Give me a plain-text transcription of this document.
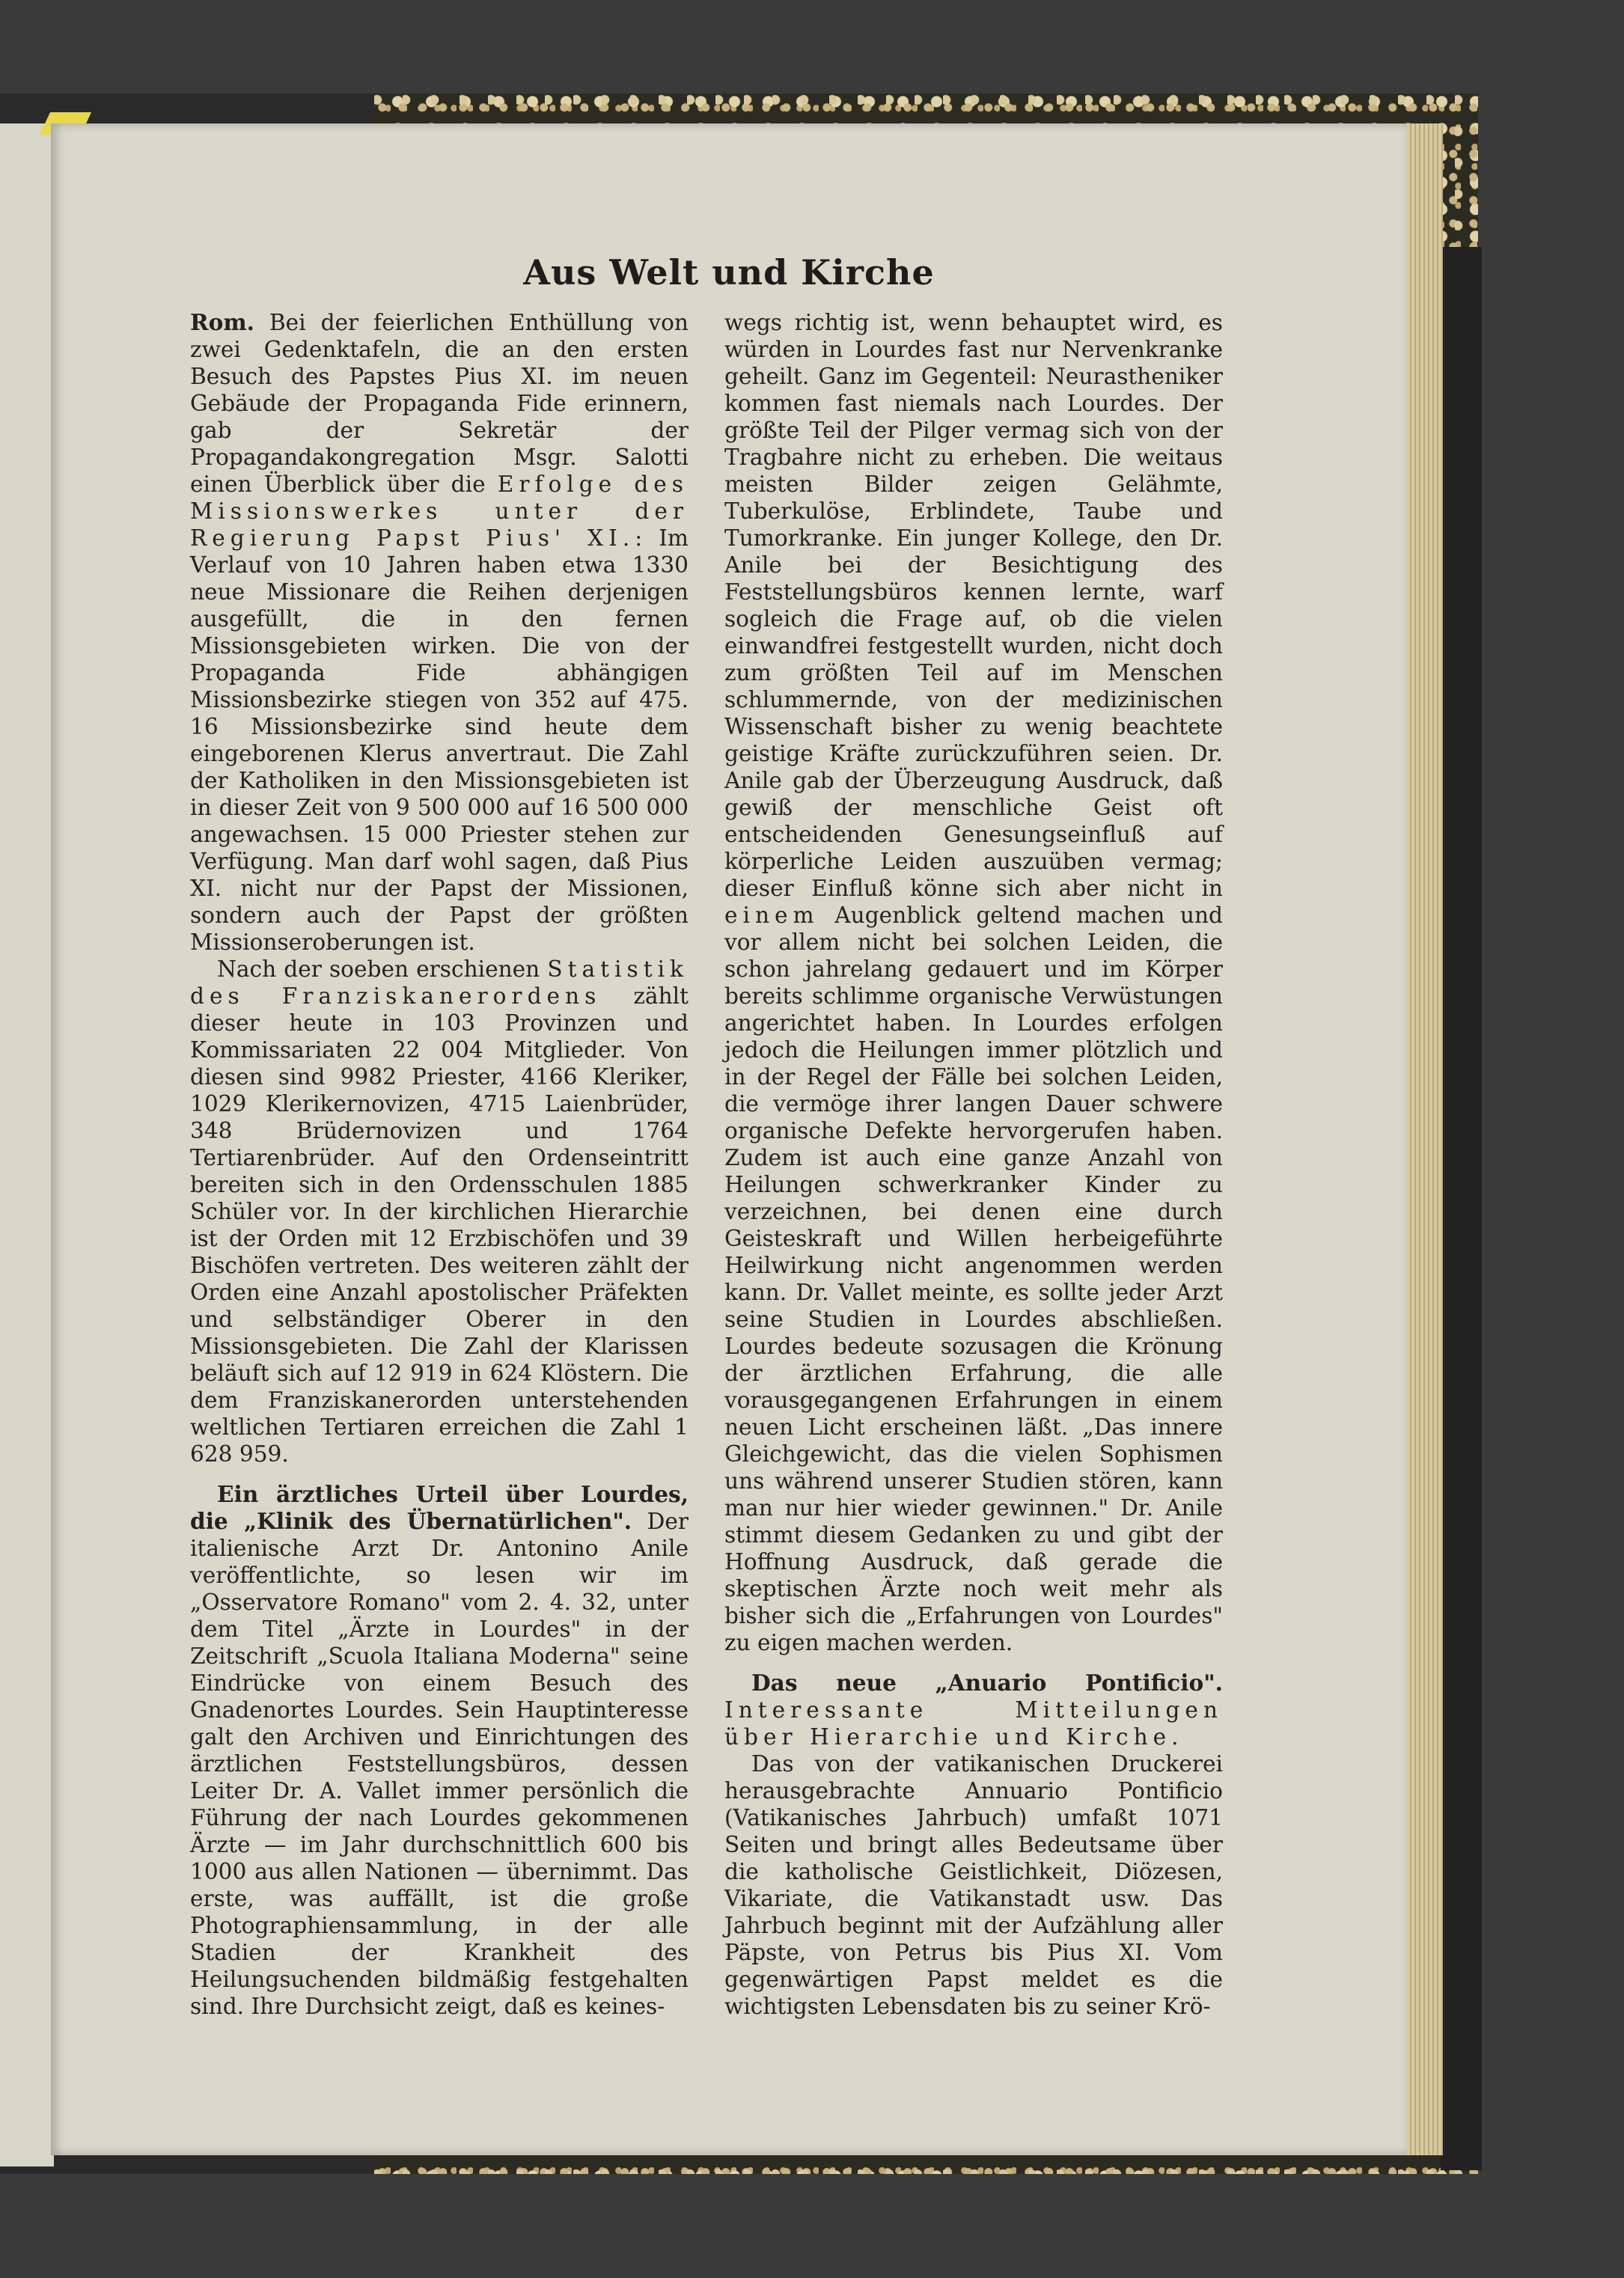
Aus Welt und Kirche

Rom. Bei der feierlichen Enthüllung von zwei Gedenktafeln, die an den ersten Besuch des Papstes Pius XI. im neuen Gebäude der Propaganda Fide erinnern, gab der Sekretär der Propagandakongregation Msgr. Salotti einen Überblick über die Erfolge des Missionswerkes unter der Regierung Papst Pius' XI.: Im Verlauf von 10 Jahren haben etwa 1330 neue Missionare die Reihen derjenigen ausgefüllt, die in den fernen Missionsgebieten wirken. Die von der Propaganda Fide abhängigen Missionsbezirke stiegen von 352 auf 475. 16 Missionsbezirke sind heute dem eingeborenen Klerus anvertraut. Die Zahl der Katholiken in den Missionsgebieten ist in dieser Zeit von 9 500 000 auf 16 500 000 angewachsen. 15 000 Priester stehen zur Verfügung. Man darf wohl sagen, daß Pius XI. nicht nur der Papst der Missionen, sondern auch der Papst der größten Missionseroberungen ist.

Nach der soeben erschienen Statistik des Franziskanerordens zählt dieser heute in 103 Provinzen und Kommissariaten 22 004 Mitglieder. Von diesen sind 9982 Priester, 4166 Kleriker, 1029 Klerikernovizen, 4715 Laienbrüder, 348 Brüdernovizen und 1764 Tertiarenbrüder. Auf den Ordenseintritt bereiten sich in den Ordensschulen 1885 Schüler vor. In der kirchlichen Hierarchie ist der Orden mit 12 Erzbischöfen und 39 Bischöfen vertreten. Des weiteren zählt der Orden eine Anzahl apostolischer Präfekten und selbständiger Oberer in den Missionsgebieten. Die Zahl der Klarissen beläuft sich auf 12 919 in 624 Klöstern. Die dem Franziskanerorden unterstehenden weltlichen Tertiaren erreichen die Zahl 1 628 959.

Ein ärztliches Urteil über Lourdes, die „Klinik des Übernatürlichen". Der italienische Arzt Dr. Antonino Anile veröffentlichte, so lesen wir im „Osservatore Romano" vom 2. 4. 32, unter dem Titel „Ärzte in Lourdes" in der Zeitschrift „Scuola Italiana Moderna" seine Eindrücke von einem Besuch des Gnadenortes Lourdes. Sein Hauptinteresse galt den Archiven und Einrichtungen des ärztlichen Feststellungsbüros, dessen Leiter Dr. A. Vallet immer persönlich die Führung der nach Lourdes gekommenen Ärzte — im Jahr durchschnittlich 600 bis 1000 aus allen Nationen — übernimmt. Das erste, was auffällt, ist die große Photographiensammlung, in der alle Stadien der Krankheit des Heilungsuchenden bildmäßig festgehalten sind. Ihre Durchsicht zeigt, daß es keines-

wegs richtig ist, wenn behauptet wird, es würden in Lourdes fast nur Nervenkranke geheilt. Ganz im Gegenteil: Neurastheniker kommen fast niemals nach Lourdes. Der größte Teil der Pilger vermag sich von der Tragbahre nicht zu erheben. Die weitaus meisten Bilder zeigen Gelähmte, Tuberkulöse, Erblindete, Taube und Tumorkranke. Ein junger Kollege, den Dr. Anile bei der Besichtigung des Feststellungsbüros kennen lernte, warf sogleich die Frage auf, ob die vielen einwandfrei festgestellt wurden, nicht doch zum größten Teil auf im Menschen schlummernde, von der medizinischen Wissenschaft bisher zu wenig beachtete geistige Kräfte zurückzuführen seien. Dr. Anile gab der Überzeugung Ausdruck, daß gewiß der menschliche Geist oft entscheidenden Genesungseinfluß auf körperliche Leiden auszuüben vermag; dieser Einfluß könne sich aber nicht in einem Augenblick geltend machen und vor allem nicht bei solchen Leiden, die schon jahrelang gedauert und im Körper bereits schlimme organische Verwüstungen angerichtet haben. In Lourdes erfolgen jedoch die Heilungen immer plötzlich und in der Regel der Fälle bei solchen Leiden, die vermöge ihrer langen Dauer schwere organische Defekte hervorgerufen haben. Zudem ist auch eine ganze Anzahl von Heilungen schwerkranker Kinder zu verzeichnen, bei denen eine durch Geisteskraft und Willen herbeigeführte Heilwirkung nicht angenommen werden kann. Dr. Vallet meinte, es sollte jeder Arzt seine Studien in Lourdes abschließen. Lourdes bedeute sozusagen die Krönung der ärztlichen Erfahrung, die alle vorausgegangenen Erfahrungen in einem neuen Licht erscheinen läßt. „Das innere Gleichgewicht, das die vielen Sophismen uns während unserer Studien stören, kann man nur hier wieder gewinnen." Dr. Anile stimmt diesem Gedanken zu und gibt der Hoffnung Ausdruck, daß gerade die skeptischen Ärzte noch weit mehr als bisher sich die „Erfahrungen von Lourdes" zu eigen machen werden.

Das neue „Anuario Pontificio". Interessante Mitteilungen über Hierarchie und Kirche.

Das von der vatikanischen Druckerei herausgebrachte Annuario Pontificio (Vatikanisches Jahrbuch) umfaßt 1071 Seiten und bringt alles Bedeutsame über die katholische Geistlichkeit, Diözesen, Vikariate, die Vatikanstadt usw. Das Jahrbuch beginnt mit der Aufzählung aller Päpste, von Petrus bis Pius XI. Vom gegenwärtigen Papst meldet es die wichtigsten Lebensdaten bis zu seiner Krö-
